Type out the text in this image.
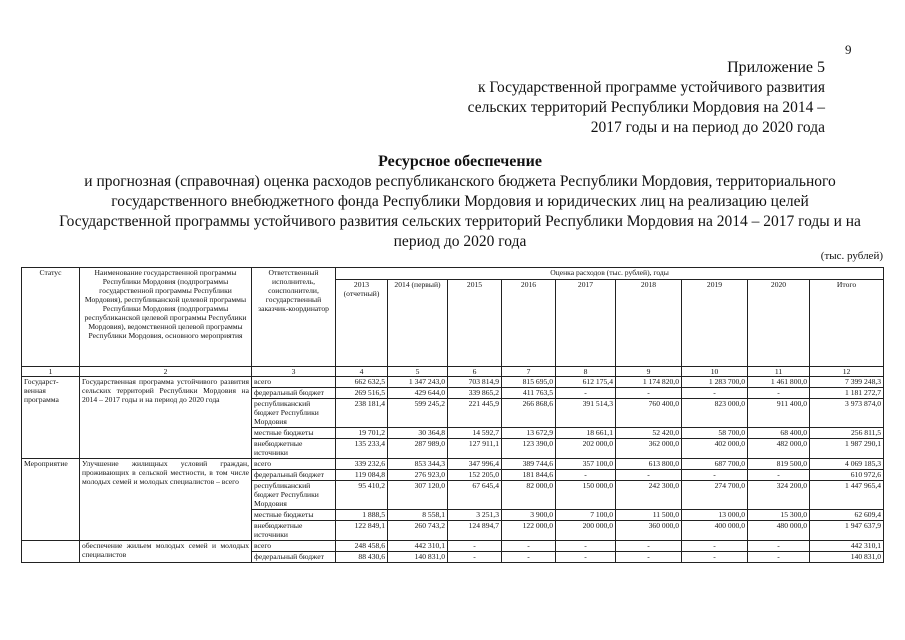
9
Приложение 5
к Государственной программе устойчивого развития
сельских территорий Республики Мордовия на 2014 –
2017 годы и на период до 2020 года
Ресурсное обеспечение
и прогнозная (справочная) оценка расходов республиканского бюджета Республики Мордовия, территориального
государственного внебюджетного фонда Республики Мордовия и юридических лиц на реализацию целей
Государственной программы устойчивого развития сельских территорий Республики Мордовия на 2014 – 2017 годы и на
период до 2020 года
(тыс. рублей)
Статус	Наименование государственной программы Республики Мордовия (подпрограммы государственной программы Республики Мордовия), республиканской целевой программы Республики Мордовия (подпрограммы республиканской целевой программы Республики Мордовия), ведомственной целевой программы Республики Мордовия, основного мероприятия	Ответственный исполнитель, соисполнители, государственный заказчик-координатор	Оценка расходов (тыс. рублей), годы								
			2013 (отчетный)	2014 (первый)	2015	2016	2017	2018	2019	2020	Итого
1	2	3	4	5	6	7	8	9	10	11	12
Государст-венная программа	Государственная программа устойчивого развития сельских территорий Республики Мордовия на 2014 – 2017 годы и на период до 2020 года	всего	662 632,5	1 347 243,0	703 814,9	815 695,0	612 175,4	1 174 820,0	1 283 700,0	1 461 800,0	7 399 248,3
		федеральный бюджет	269 516,5	429 644,0	339 865,2	411 763,5	-	-	-	-	1 181 272,7
		республиканский бюджет Республики Мордовия	238 181,4	599 245,2	221 445,9	266 868,6	391 514,3	760 400,0	823 000,0	911 400,0	3 973 874,0
		местные бюджеты	19 701,2	30 364,8	14 592,7	13 672,9	18 661,1	52 420,0	58 700,0	68 400,0	256 811,5
		внебюджетные источники	135 233,4	287 989,0	127 911,1	123 390,0	202 000,0	362 000,0	402 000,0	482 000,0	1 987 290,1
Мероприятие	Улучшение жилищных условий граждан, проживающих в сельской местности, в том числе молодых семей и молодых специалистов – всего	всего	339 232,6	853 344,3	347 996,4	389 744,6	357 100,0	613 800,0	687 700,0	819 500,0	4 069 185,3
		федеральный бюджет	119 084,8	276 923,0	152 205,0	181 844,6	-	-	-	-	610 972,6
		республиканский бюджет Республики Мордовия	95 410,2	307 120,0	67 645,4	82 000,0	150 000,0	242 300,0	274 700,0	324 200,0	1 447 965,4
		местные бюджеты	1 888,5	8 558,1	3 251,3	3 900,0	7 100,0	11 500,0	13 000,0	15 300,0	62 609,4
		внебюджетные источники	122 849,1	260 743,2	124 894,7	122 000,0	200 000,0	360 000,0	400 000,0	480 000,0	1 947 637,9
	обеспечение жильем молодых семей и молодых специалистов	всего	248 458,6	442 310,1	-	-	-	-	-	-	442 310,1
		федеральный бюджет	88 430,6	140 831,0	-	-	-	-	-	-	140 831,0
